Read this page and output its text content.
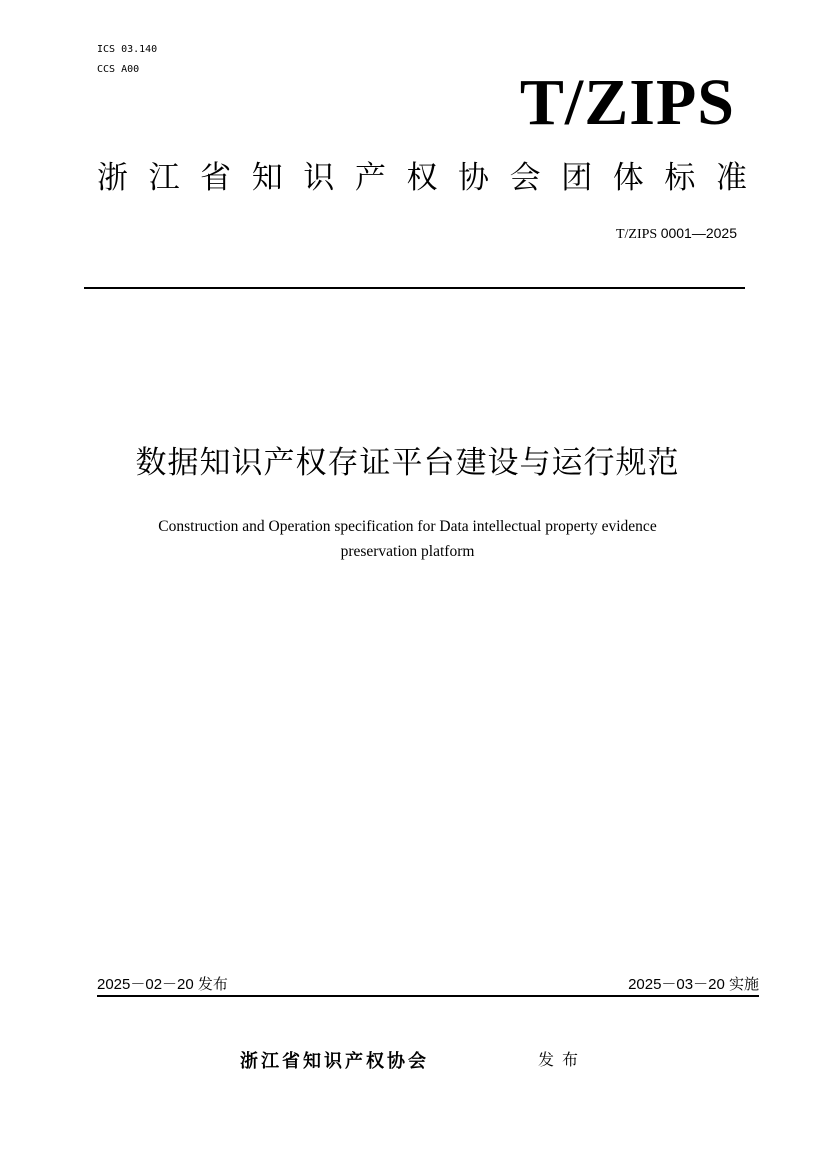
ICS 03.140
CCS A00	T/ZIPS
浙 江 省 知 识 产 权 协 会 团 体 标 准
T/ZIPS 0001—2025
数据知识产权存证平台建设与运行规范
Construction and Operation specification for Data intellectual property evidence
preservation platform
2025－02－20 发布	2025－03－20 实施
浙江省知识产权协会	发布
